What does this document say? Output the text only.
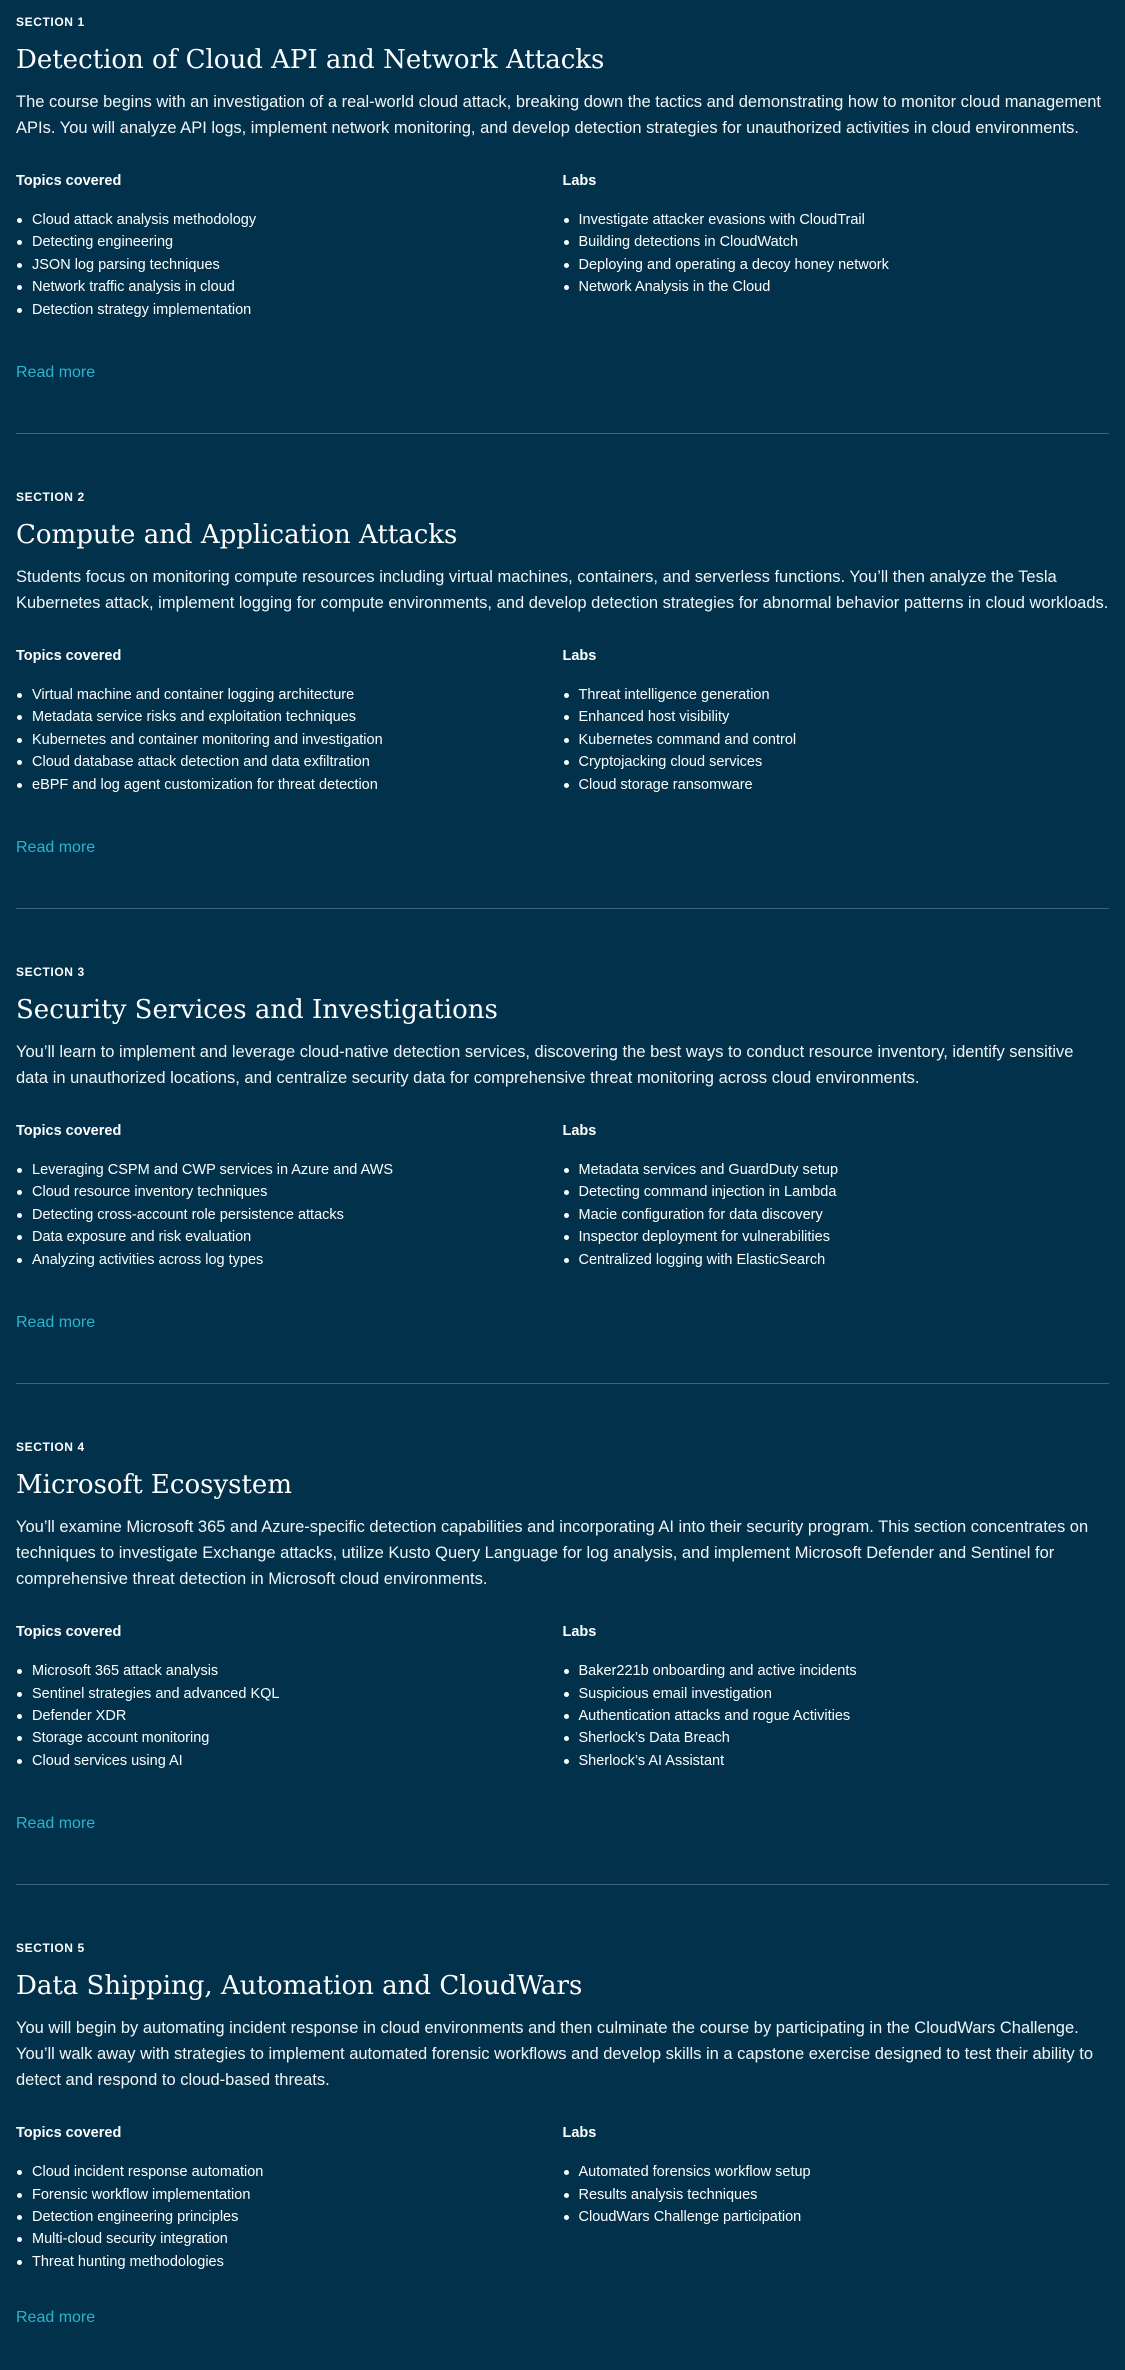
SECTION 1

Detection of Cloud API and Network Attacks

The course begins with an investigation of a real-world cloud attack, breaking down the tactics and demonstrating how to monitor cloud management APIs. You will analyze API logs, implement network monitoring, and develop detection strategies for unauthorized activities in cloud environments.

Topics covered

Cloud attack analysis methodology
Detecting engineering
JSON log parsing techniques
Network traffic analysis in cloud
Detection strategy implementation

Labs

Investigate attacker evasions with CloudTrail
Building detections in CloudWatch
Deploying and operating a decoy honey network
Network Analysis in the Cloud
Read more

SECTION 2

Compute and Application Attacks

Students focus on monitoring compute resources including virtual machines, containers, and serverless functions. You’ll then analyze the Tesla Kubernetes attack, implement logging for compute environments, and develop detection strategies for abnormal behavior patterns in cloud workloads.

Topics covered

Virtual machine and container logging architecture
Metadata service risks and exploitation techniques
Kubernetes and container monitoring and investigation
Cloud database attack detection and data exfiltration
eBPF and log agent customization for threat detection

Labs

Threat intelligence generation
Enhanced host visibility
Kubernetes command and control
Cryptojacking cloud services
Cloud storage ransomware
Read more

SECTION 3

Security Services and Investigations

You’ll learn to implement and leverage cloud-native detection services, discovering the best ways to conduct resource inventory, identify sensitive data in unauthorized locations, and centralize security data for comprehensive threat monitoring across cloud environments.

Topics covered

Leveraging CSPM and CWP services in Azure and AWS
Cloud resource inventory techniques
Detecting cross-account role persistence attacks
Data exposure and risk evaluation
Analyzing activities across log types

Labs

Metadata services and GuardDuty setup
Detecting command injection in Lambda
Macie configuration for data discovery
Inspector deployment for vulnerabilities
Centralized logging with ElasticSearch
Read more

SECTION 4

Microsoft Ecosystem

You’ll examine Microsoft 365 and Azure-specific detection capabilities and incorporating AI into their security program. This section concentrates on techniques to investigate Exchange attacks, utilize Kusto Query Language for log analysis, and implement Microsoft Defender and Sentinel for comprehensive threat detection in Microsoft cloud environments.

Topics covered

Microsoft 365 attack analysis
Sentinel strategies and advanced KQL
Defender XDR
Storage account monitoring
Cloud services using AI

Labs

Baker221b onboarding and active incidents
Suspicious email investigation
Authentication attacks and rogue Activities
Sherlock’s Data Breach
Sherlock’s AI Assistant
Read more

SECTION 5

Data Shipping, Automation and CloudWars

You will begin by automating incident response in cloud environments and then culminate the course by participating in the CloudWars Challenge. You’ll walk away with strategies to implement automated forensic workflows and develop skills in a capstone exercise designed to test their ability to detect and respond to cloud-based threats.

Topics covered

Cloud incident response automation
Forensic workflow implementation
Detection engineering principles
Multi-cloud security integration
Threat hunting methodologies

Labs

Automated forensics workflow setup
Results analysis techniques
CloudWars Challenge participation
Read more
